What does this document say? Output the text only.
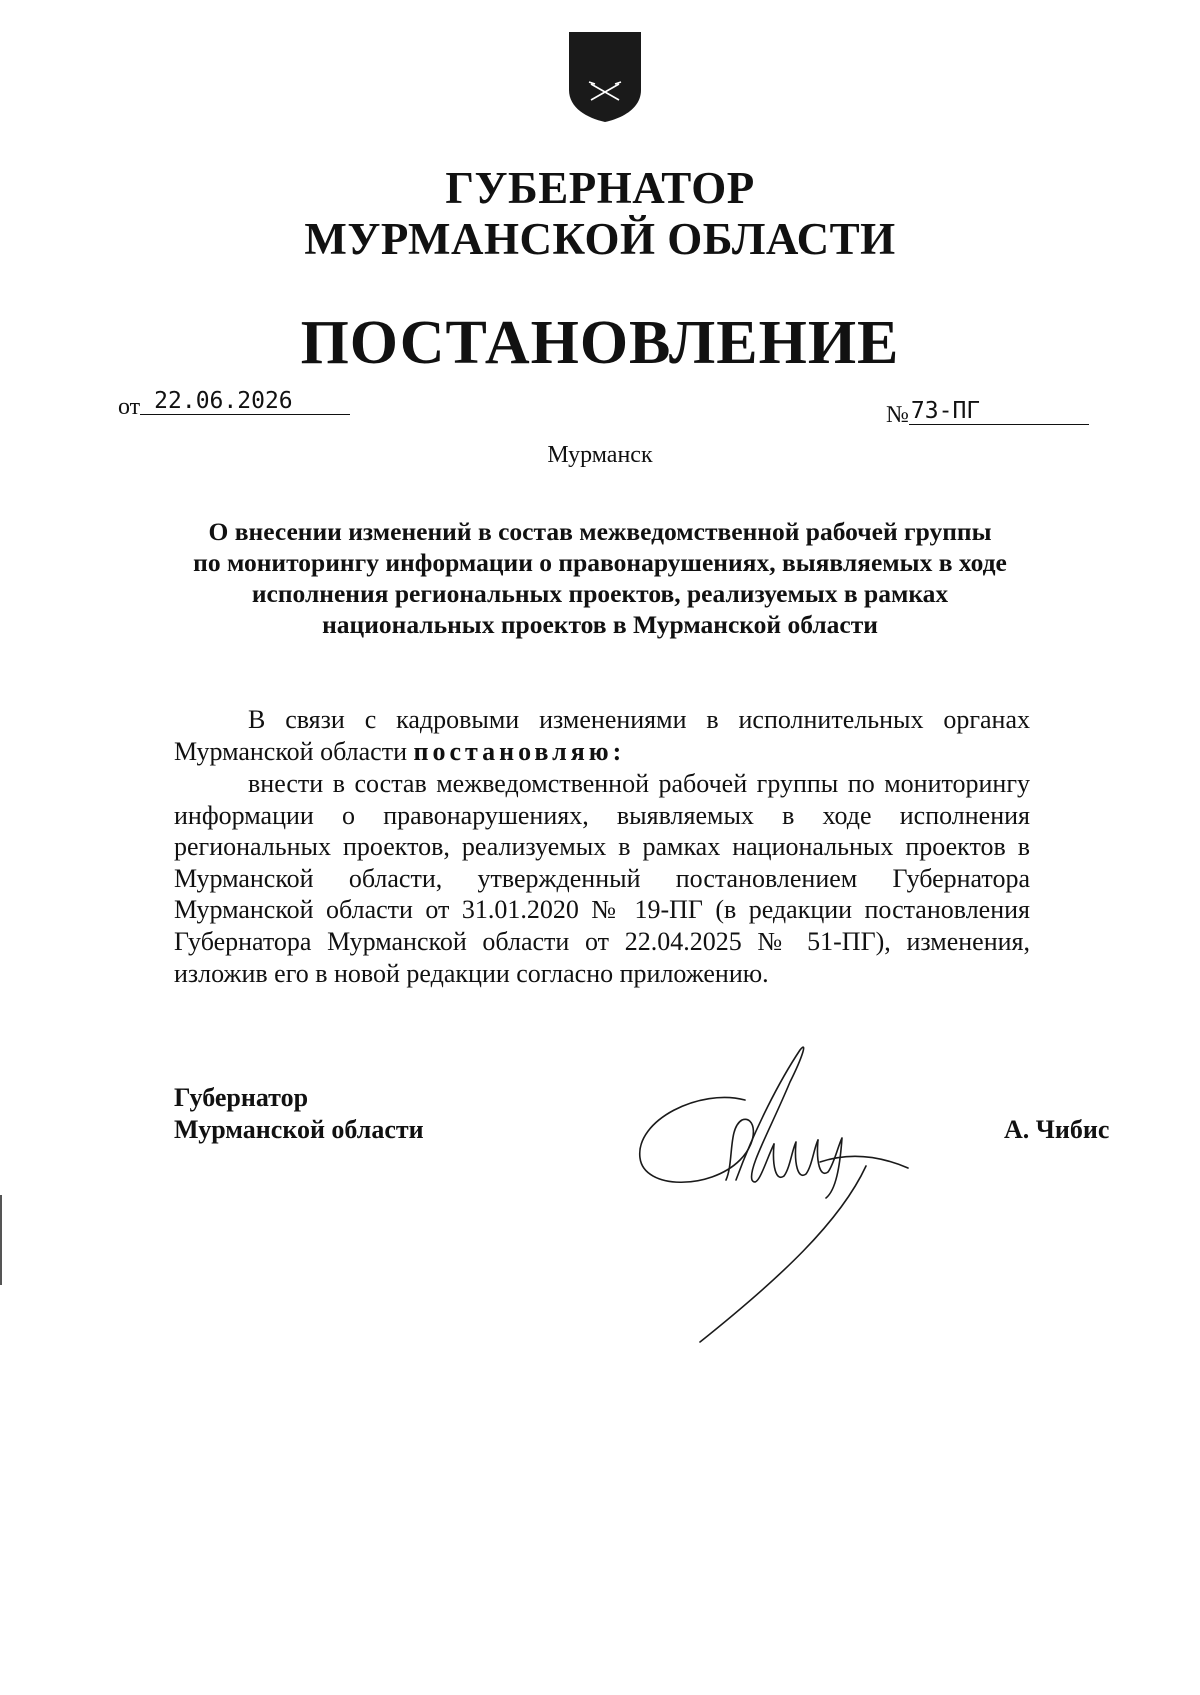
ГУБЕРНАТОР
МУРМАНСКОЙ ОБЛАСТИ
ПОСТАНОВЛЕНИЕ
от 22.06.2026
№73-ПГ
Мурманск
О внесении изменений в состав межведомственной рабочей группы
по мониторингу информации о правонарушениях, выявляемых в ходе
исполнения региональных проектов, реализуемых в рамках
национальных проектов в Мурманской области
В связи с кадровыми изменениями в исполнительных органах Мурманской области постановляю:
внести в состав межведомственной рабочей группы по мониторингу информации о правонарушениях, выявляемых в ходе исполнения региональных проектов, реализуемых в рамках национальных проектов в Мурманской области, утвержденный постановлением Губернатора Мурманской области от 31.01.2020 № 19-ПГ (в редакции постановления Губернатора Мурманской области от 22.04.2025 № 51-ПГ), изменения, изложив его в новой редакции согласно приложению.
Губернатор
Мурманской области	А. Чибис
